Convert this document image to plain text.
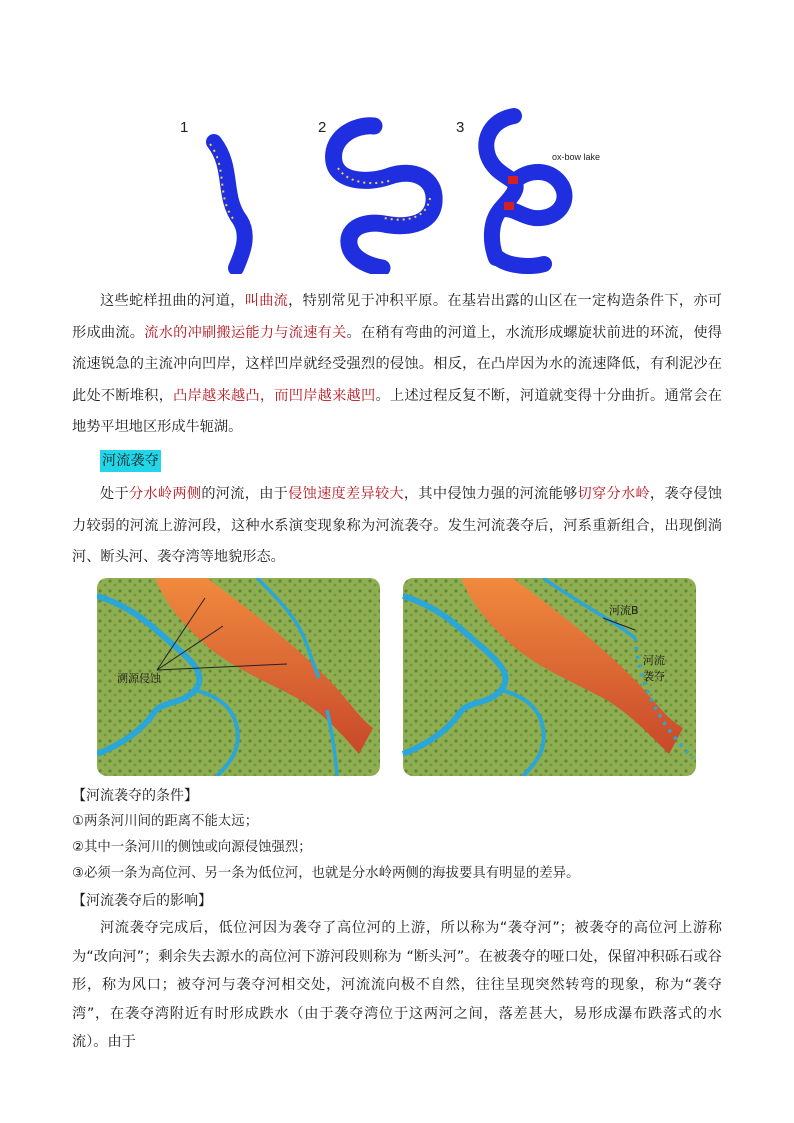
1	2	3
ox-bow lake

这些蛇样扭曲的河道，叫曲流，特别常见于冲积平原。在基岩出露的山区在一定构造条件下，亦可形成曲流。流水的冲刷搬运能力与流速有关。在稍有弯曲的河道上，水流形成螺旋状前进的环流，使得流速锐急的主流冲向凹岸，这样凹岸就经受强烈的侵蚀。相反，在凸岸因为水的流速降低，有利泥沙在此处不断堆积，凸岸越来越凸，而凹岸越来越凹。上述过程反复不断，河道就变得十分曲折。通常会在地势平坦地区形成牛轭湖。

河流袭夺

处于分水岭两侧的河流，由于侵蚀速度差异较大，其中侵蚀力强的河流能够切穿分水岭，袭夺侵蚀力较弱的河流上游河段，这种水系演变现象称为河流袭夺。发生河流袭夺后，河系重新组合，出现倒淌河、断头河、袭夺湾等地貌形态。

溯源侵蚀
河流B
河流
袭夺

【河流袭夺的条件】

①两条河川间的距离不能太远；

②其中一条河川的侧蚀或向源侵蚀强烈；

③必须一条为高位河、另一条为低位河，也就是分水岭两侧的海拔要具有明显的差异。

【河流袭夺后的影响】

河流袭夺完成后，低位河因为袭夺了高位河的上游，所以称为“袭夺河”；被袭夺的高位河上游称为“改向河”；剩余失去源水的高位河下游河段则称为 “断头河”。在被袭夺的哑口处，保留冲积砾石或谷形，称为风口；被夺河与袭夺河相交处，河流流向极不自然，往往呈现突然转弯的现象，称为“袭夺湾”，在袭夺湾附近有时形成跌水（由于袭夺湾位于这两河之间，落差甚大，易形成瀑布跌落式的水流）。由于
